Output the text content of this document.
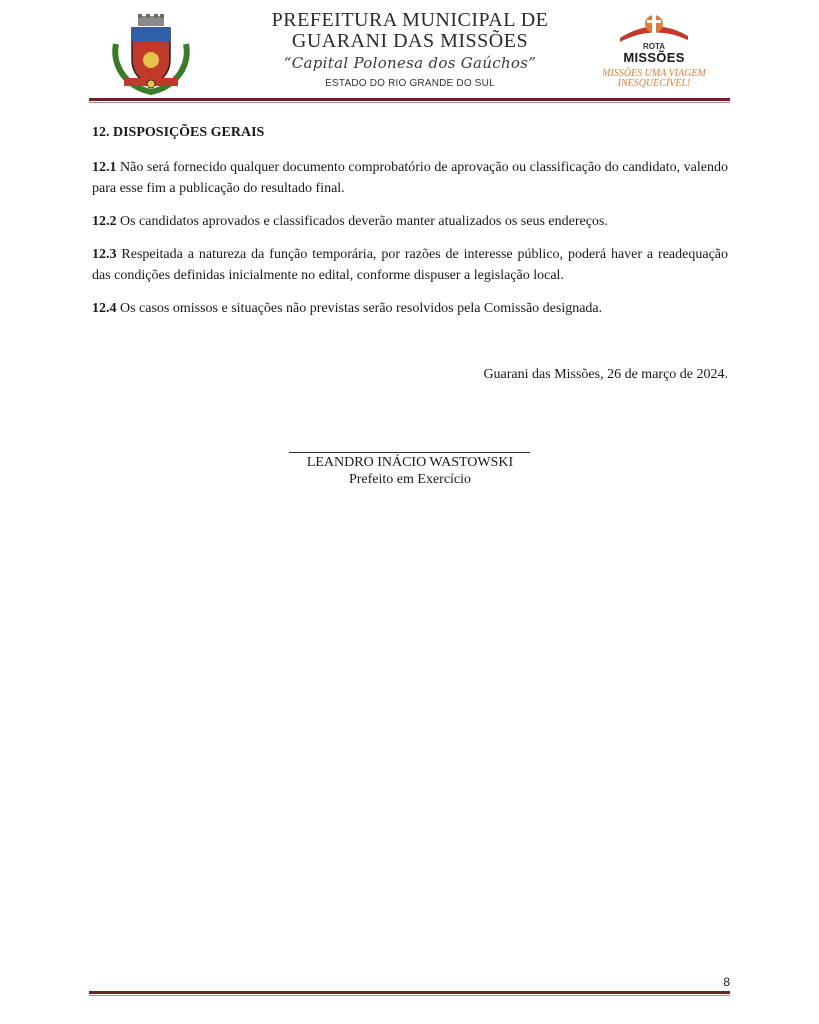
PREFEITURA MUNICIPAL DE
GUARANI DAS MISSÕES
“Capital Polonesa dos Gaúchos”
ESTADO DO RIO GRANDE DO SUL
ROTA
MISSÕES
MISSÕES UMA VIAGEM
INESQUECÍVEL!

12. DISPOSIÇÕES GERAIS

12.1 Não será fornecido qualquer documento comprobatório de aprovação ou classificação do candidato, valendo para esse fim a publicação do resultado final.

12.2 Os candidatos aprovados e classificados deverão manter atualizados os seus endereços.

12.3 Respeitada a natureza da função temporária, por razões de interesse público, poderá haver a readequação das condições definidas inicialmente no edital, conforme dispuser a legislação local.

12.4 Os casos omissos e situações não previstas serão resolvidos pela Comissão designada.

Guarani das Missões, 26 de março de 2024.
LEANDRO INÁCIO WASTOWSKI
Prefeito em Exercício
8
